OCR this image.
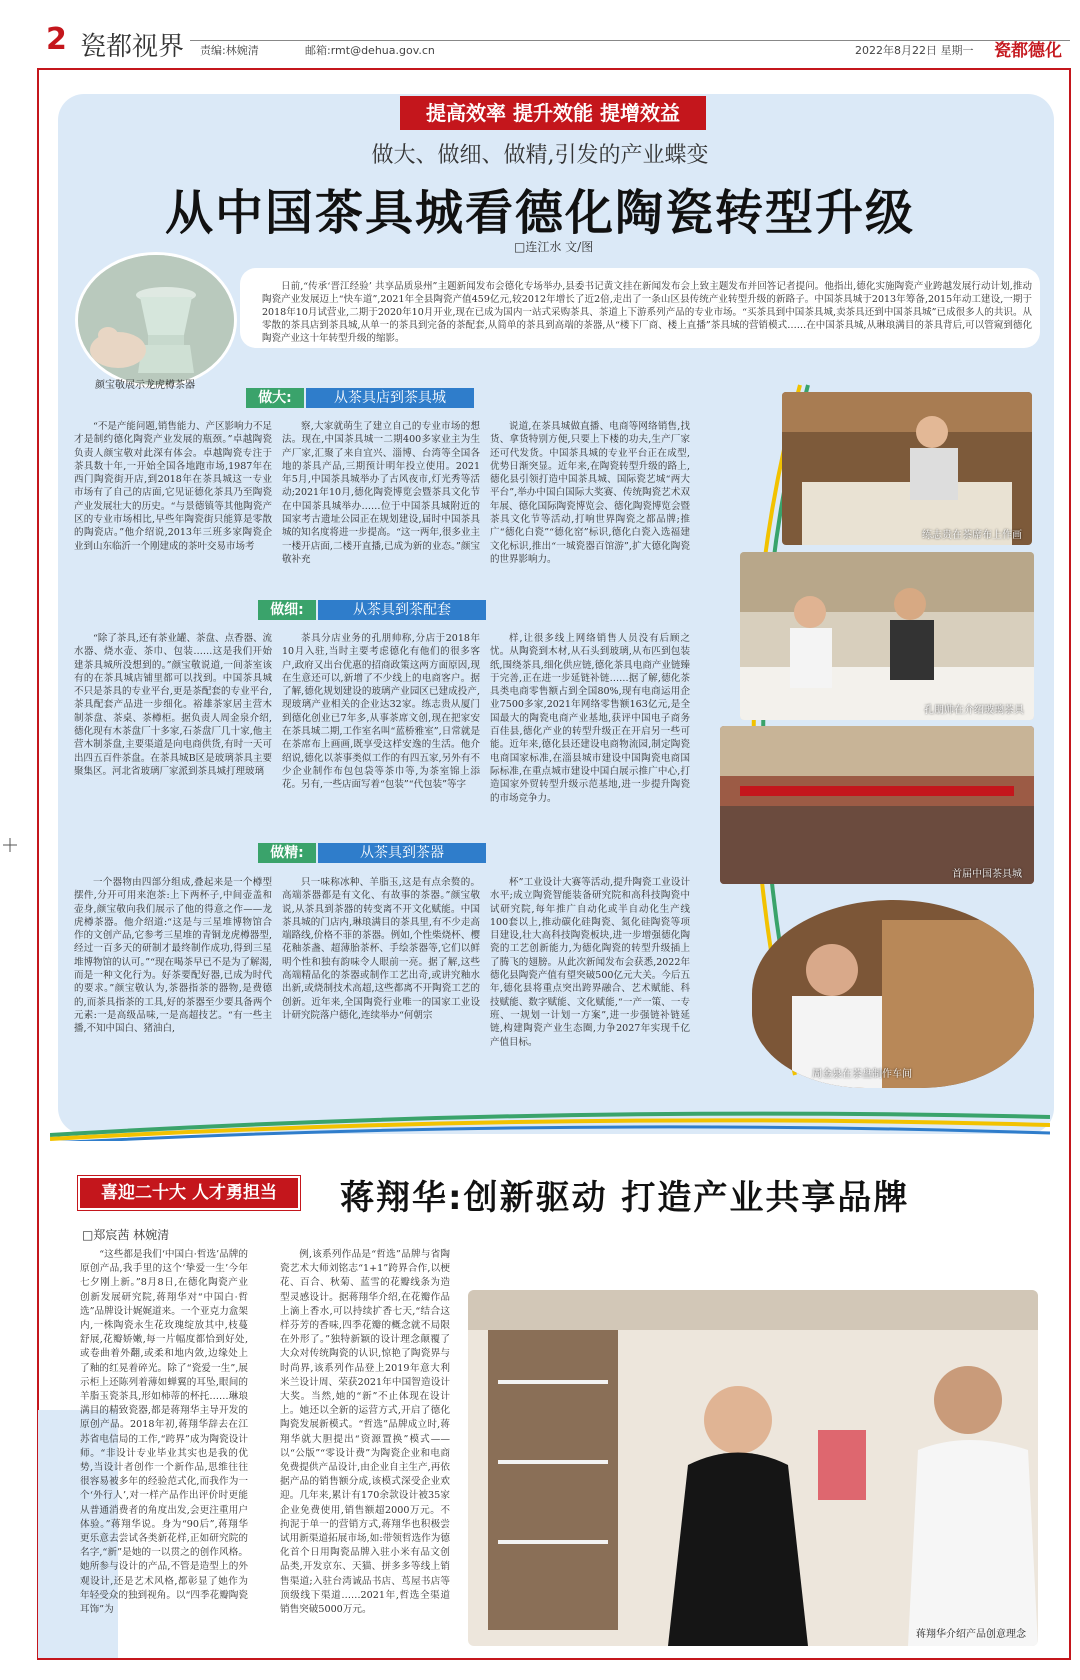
2 瓷都视界 责编:林婉清	邮箱:rmt@dehua.gov.cn	2022年8月22日 星期一 瓷都德化
提高效率 提升效能 提增效益
做大、做细、做精,引发的产业蝶变
从中国茶具城看德化陶瓷转型升级
□连江水 文/图
日前,“传承‘晋江经验’ 共享品质泉州”主题新闻发布会德化专场举办,县委书记黄文挂在新闻发布会上致主题发布并回答记者提问。他指出,德化实施陶瓷产业跨越发展行动计划,推动陶瓷产业发展迈上“快车道”,2021年全县陶瓷产值459亿元,较2012年增长了近2倍,走出了一条山区县传统产业转型升级的新路子。中国茶具城于2013年筹备,2015年动工建设,一期于2018年10月试营业,二期于2020年10月开业,现在已成为国内一站式采购茶具、茶道上下游系列产品的专业市场。“买茶具到中国茶具城,卖茶具还到中国茶具城”已成很多人的共识。从零散的茶具店到茶具城,从单一的茶具到完备的茶配套,从简单的茶具到高端的茶器,从“楼下厂商、楼上直播”茶具城的营销模式……在中国茶具城,从琳琅满目的茶具背后,可以管窥到德化陶瓷产业这十年转型升级的缩影。
颜宝敬展示龙虎樽茶器
做大:	从茶具店到茶具城

“不是产能问题,销售能力、产区影响力不足才是制约德化陶瓷产业发展的瓶颈。”卓越陶瓷负责人颜宝敬对此深有体会。卓越陶瓷专注于茶具数十年,一开始全国各地跑市场,1987年在西门陶瓷街开店,到2018年在茶具城这一专业市场有了自己的店面,它见证德化茶具乃至陶瓷产业发展壮大的历史。“与景德镇等其他陶瓷产区的专业市场相比,早些年陶瓷街只能算是零散的陶瓷店。”他介绍说,2013年三班多家陶瓷企业到山东临沂一个刚建成的茶叶交易市场考

察,大家就萌生了建立自己的专业市场的想法。现在,中国茶具城一二期400多家业主为生产厂家,汇聚了来自宜兴、淄博、台湾等全国各地的茶具产品,三期预计明年投立使用。2021年5月,中国茶具城举办了古风夜市,灯光秀等活动;2021年10月,德化陶瓷博览会暨茶具文化节在中国茶具城举办……位于中国茶具城附近的国家考古遗址公园正在规划建设,届时中国茶具城的知名度将进一步提高。“这一两年,很多业主一楼开店面,二楼开直播,已成为新的业态。”颜宝敬补充

说道,在茶具城做直播、电商等网络销售,找货、拿货特别方便,只要上下楼的功夫,生产厂家还可代发货。中国茶具城的专业平台正在成型,优势日渐突显。近年来,在陶瓷转型升级的路上,德化县引领打造中国茶具城、国际瓷艺城“两大平台”,举办中国白国际大奖赛、传统陶瓷艺术双年展、德化国际陶瓷博览会、德化陶瓷博览会暨茶具文化节等活动,打响世界陶瓷之都品牌;推广“德化白瓷”“德化窑”标识,德化白瓷入选福建文化标识,推出“一城瓷器百馆游”,扩大德化陶瓷的世界影响力。

做细:	从茶具到茶配套

“除了茶具,还有茶业罐、茶盘、点香器、流水器、烧水壶、茶巾、包装……这是我们开始建茶具城所没想到的。”颜宝敬说道,一间茶室该有的在茶具城店铺里都可以找到。中国茶具城不只是茶具的专业平台,更是茶配套的专业平台,茶具配套产品进一步细化。裕雄茶家居主营木制茶盘、茶桌、茶樽柜。据负责人周金泉介绍,德化现有木茶盘厂十多家,石茶盘厂几十家,他主营木制茶盘,主要渠道是向电商供货,有时一天可出四五百件茶盘。在茶具城B区是玻璃茶具主要聚集区。河北省玻璃厂家派到茶具城打理玻璃

茶具分店业务的孔朋帅称,分店于2018年10月入驻,当时主要考虑德化有他们的很多客户,政府又出台优惠的招商政策这两方面原因,现在生意还可以,新增了不少线上的电商客户。据了解,德化规划建设的玻璃产业园区已建成投产,现玻璃产业相关的企业达32家。练志贵从厦门到德化创业已7年多,从事茶席文创,现在把家安在茶具城二期,工作室名叫“蓝桥雅室”,日常就是在茶席布上画画,既享受这样安逸的生活。他介绍说,德化以茶事类似工作的有四五家,另外有不少企业制作布包包袋等茶巾等,为茶室锦上添花。另有,一些店面写着“包装”“代包装”等字

样,让很多线上网络销售人员没有后顾之忧。从陶瓷到木材,从石头到玻璃,从布匹到包装纸,围绕茶具,细化供应链,德化茶具电商产业链臻于完善,正在进一步延链补链……据了解,德化茶具类电商零售额占到全国80%,现有电商运用企业7500多家,2021年网络零售额163亿元,是全国最大的陶瓷电商产业基地,获评中国电子商务百佳县,德化产业的转型升级正在开启另一些可能。近年来,德化县还建设电商物流园,制定陶瓷电商国家标准,在淄县城市建设中国陶瓷电商国际标准,在重点城市建设中国白展示推广中心,打造国家外贸转型升级示范基地,进一步提升陶瓷的市场竞争力。

做精:	从茶具到茶器

一个器物由四部分组成,叠起来是一个樽型摆件,分开可用来泡茶:上下两杯子,中间壶盖和壶身,颜宝敬向我们展示了他的得意之作——龙虎樽茶器。他介绍道:“这是与三星堆博物馆合作的文创产品,它参考三星堆的青铜龙虎樽器型,经过一百多天的研制才最终制作成功,得到三星堆博物馆的认可。”“现在喝茶早已不是为了解渴,而是一种文化行为。好茶要配好器,已成为时代的要求。”颜宝敬认为,茶器指茶的器物,是费德的,而茶具指茶的工具,好的茶器至少要具备两个元素:一是高级品味,一是高超技艺。“有一些主播,不知中国白、猪油白,

只一味称冰种、羊脂玉,这是有点余赘的。高端茶器都是有文化、有故事的茶器。”颜宝敬说,从茶具到茶器的转变离不开文化赋能。中国茶具城的门店内,琳琅满目的茶具里,有不少走高端路线,价格不菲的茶器。例如,个性柴烧杯、樱花釉茶盏、超薄胎茶杯、手绘茶器等,它们以鲜明个性和独有韵味令人眼前一亮。据了解,这些高端精品化的茶器或制作工艺出奇,或讲究釉水出新,或烧制技术高超,这些都离不开陶瓷工艺的创新。近年来,全国陶瓷行业唯一的国家工业设计研究院落户德化,连续举办“何朝宗

杯”工业设计大赛等活动,提升陶瓷工业设计水平;成立陶瓷智能装备研究院和高科技陶瓷中试研究院,每年推广自动化或半自动化生产线100套以上,推动碳化硅陶瓷、氮化硅陶瓷等项目建设,壮大高科技陶瓷板块,进一步增强德化陶瓷的工艺创新能力,为德化陶瓷的转型升级插上了腾飞的翅膀。从此次新闻发布会获悉,2022年德化县陶瓷产值有望突破500亿元大关。今后五年,德化县将重点突出跨界融合、艺术赋能、科技赋能、数字赋能、文化赋能,“一产一策、一专班、一规划一计划一方案”,进一步强链补链延链,构建陶瓷产业生态圈,力争2027年实现千亿产值目标。

练志贵在茶席布上作画
孔朋帅在介绍玻璃茶具
首届中国茶具城
周金泉在茶盘制作车间
喜迎二十大 人才勇担当	蒋翔华:创新驱动 打造产业共享品牌
□郑宸茜 林婉清

“这些都是我们‘中国白·哲选’品牌的原创产品,我手里的这个‘挚爱一生’今年七夕刚上新。”8月8日,在德化陶瓷产业创新发展研究院,蒋翔华对“中国白·哲选”品牌设计娓娓道来。一个亚克力盒架内,一株陶瓷永生花玫瑰绽放其中,枝蔓舒展,花瓣娇嫩,每一片幅度都恰到好处,或卷曲着外翻,或柔和地内敛,边缘处上了釉的红晃着碎光。除了“瓷爱一生”,展示柜上还陈列着薄如蝉翼的耳坠,眼间的羊脂玉瓷茶具,形如柿蒂的杯托……琳琅满目的精致瓷器,都是蒋翔华主导开发的原创产品。2018年初,蒋翔华辞去在江苏省电信局的工作,“跨界”成为陶瓷设计师。“非设计专业毕业其实也是我的优势,当设计者创作一个新作品,思维往往很容易被多年的经验范式化,而我作为一个‘外行人’,对一样产品作出评价时更能从普通消费者的角度出发,会更注重用户体验。”蒋翔华说。身为“90后”,蒋翔华更乐意去尝试各类新花样,正如研究院的名字,“新”是她的一以贯之的创作风格。她所参与设计的产品,不管是造型上的外观设计,还是艺术风格,都彰显了她作为年轻受众的独到视角。以“四季花瓣陶瓷耳饰”为

例,该系列作品是“哲选”品牌与省陶瓷艺术大师刘铭志“1+1”跨界合作,以梗花、百合、秋菊、蓝雪的花瓣线条为造型灵感设计。据蒋翔华介绍,在花瓣作品上滴上香水,可以持续扩香七天,“结合这样芬芳的香味,四季花瓣的概念就不局限在外形了。”独特新颖的设计理念颠覆了大众对传统陶瓷的认识,惊艳了陶瓷界与时尚界,该系列作品登上2019年意大利米兰设计周、荣获2021年中国智造设计大奖。当然,她的“新”不止体现在设计上。她还以全新的运营方式,开启了德化陶瓷发展新模式。“哲选”品牌成立时,蒋翔华就大胆提出“资源置换”模式——以“公版”“零设计费”为陶瓷企业和电商免费提供产品设计,由企业自主生产,再依据产品的销售额分成,该模式深受企业欢迎。几年来,累计有170余款设计被35家企业免费使用,销售额超2000万元。不拘泥于单一的营销方式,蒋翔华也积极尝试用新渠道拓展市场,如:带领哲选作为德化首个日用陶瓷品牌入驻小米有品文创品类,开发京东、天猫、拼多多等线上销售渠道;入驻台湾诚品书店、茑屋书店等顶级线下渠道……2021年,哲选全渠道销售突破5000万元。

蒋翔华介绍产品创意理念
